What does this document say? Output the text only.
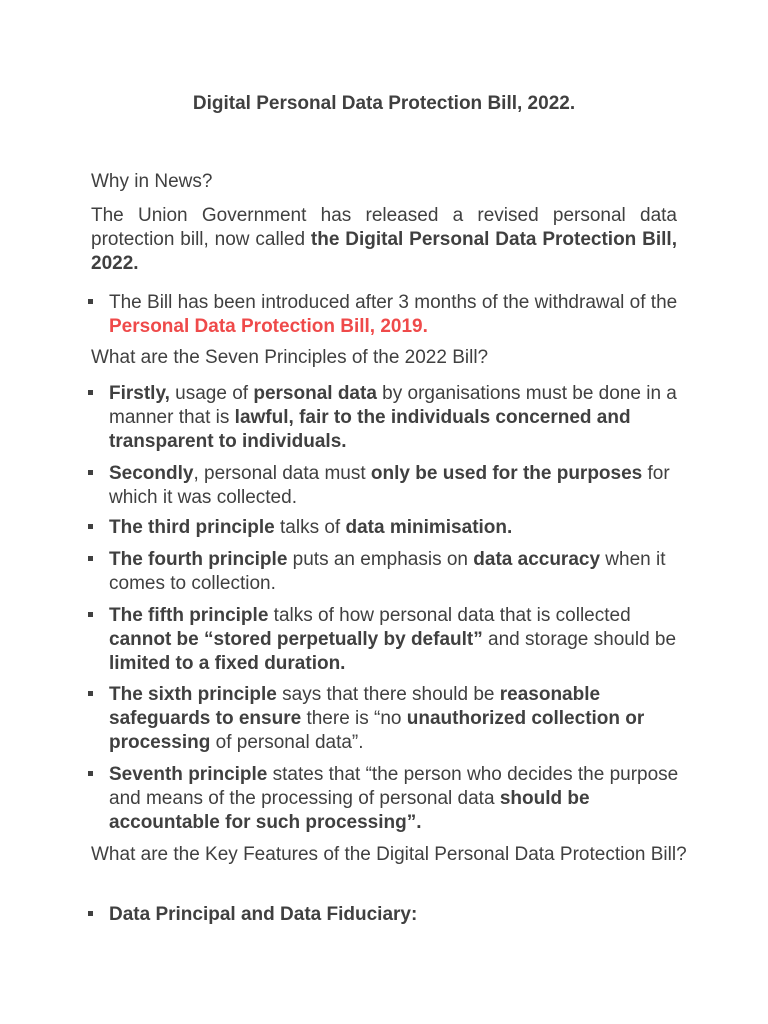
Digital Personal Data Protection Bill, 2022.
Why in News?
The Union Government has released a revised personal data protection bill, now called the Digital Personal Data Protection Bill, 2022.
The Bill has been introduced after 3 months of the withdrawal of the Personal Data Protection Bill, 2019.
What are the Seven Principles of the 2022 Bill?
Firstly, usage of personal data by organisations must be done in a manner that is lawful, fair to the individuals concerned and transparent to individuals.
Secondly, personal data must only be used for the purposes for which it was collected.
The third principle talks of data minimisation.
The fourth principle puts an emphasis on data accuracy when it comes to collection.
The fifth principle talks of how personal data that is collected cannot be “stored perpetually by default” and storage should be limited to a fixed duration.
The sixth principle says that there should be reasonable safeguards to ensure there is “no unauthorized collection or processing of personal data”.
Seventh principle states that “the person who decides the purpose and means of the processing of personal data should be accountable for such processing”.
What are the Key Features of the Digital Personal Data Protection Bill?
Data Principal and Data Fiduciary:
